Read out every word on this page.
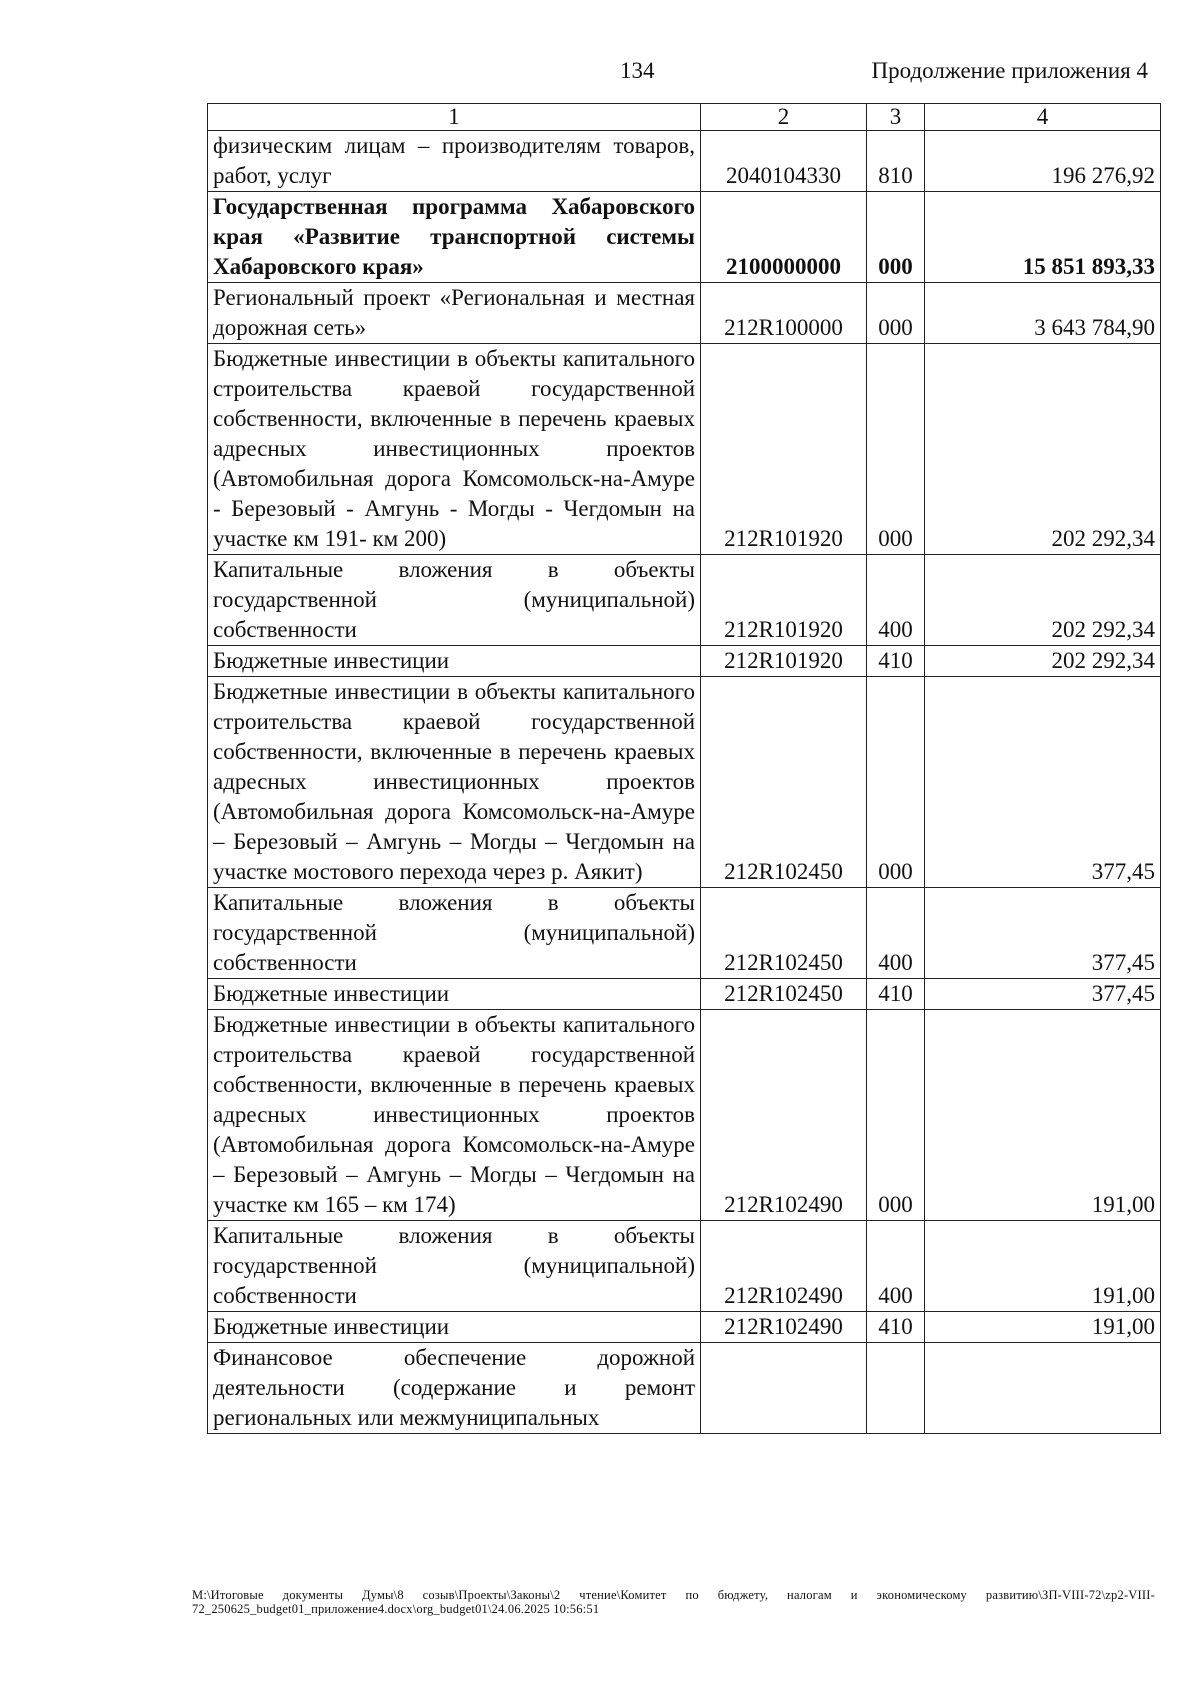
134	Продолжение приложения 4
1	2	3	4
физическим лицам – производителям товаров, работ, услуг	2040104330	810	196 276,92
Государственная программа Хабаровского края «Развитие транспортной системы Хабаровского края»	2100000000	000	15 851 893,33
Региональный проект «Региональная и местная дорожная сеть»	212R100000	000	3 643 784,90
Бюджетные инвестиции в объекты капитального строительства краевой государственной собственности, включенные в перечень краевых адресных инвестиционных проектов (Автомобильная дорога Комсомольск-на-Амуре - Березовый - Амгунь - Могды - Чегдомын на участке км 191- км 200)	212R101920	000	202 292,34
Капитальные вложения в объекты государственной (муниципальной) собственности	212R101920	400	202 292,34
Бюджетные инвестиции	212R101920	410	202 292,34
Бюджетные инвестиции в объекты капитального строительства краевой государственной собственности, включенные в перечень краевых адресных инвестиционных проектов (Автомобильная дорога Комсомольск-на-Амуре – Березовый – Амгунь – Могды – Чегдомын на участке мостового перехода через р. Аякит)	212R102450	000	377,45
Капитальные вложения в объекты государственной (муниципальной) собственности	212R102450	400	377,45
Бюджетные инвестиции	212R102450	410	377,45
Бюджетные инвестиции в объекты капитального строительства краевой государственной собственности, включенные в перечень краевых адресных инвестиционных проектов (Автомобильная дорога Комсомольск-на-Амуре – Березовый – Амгунь – Могды – Чегдомын на участке км 165 – км 174)	212R102490	000	191,00
Капитальные вложения в объекты государственной (муниципальной) собственности	212R102490	400	191,00
Бюджетные инвестиции	212R102490	410	191,00
Финансовое обеспечение дорожной деятельности (содержание и ремонт региональных или межмуниципальных			
М:\Итоговые документы Думы\8 созыв\Проекты\Законы\2 чтение\Комитет по бюджету, налогам и экономическому развитию\ЗП-VIII-72\zp2-VIII-72_250625_budget01_приложение4.docx\org_budget01\24.06.2025 10:56:51
